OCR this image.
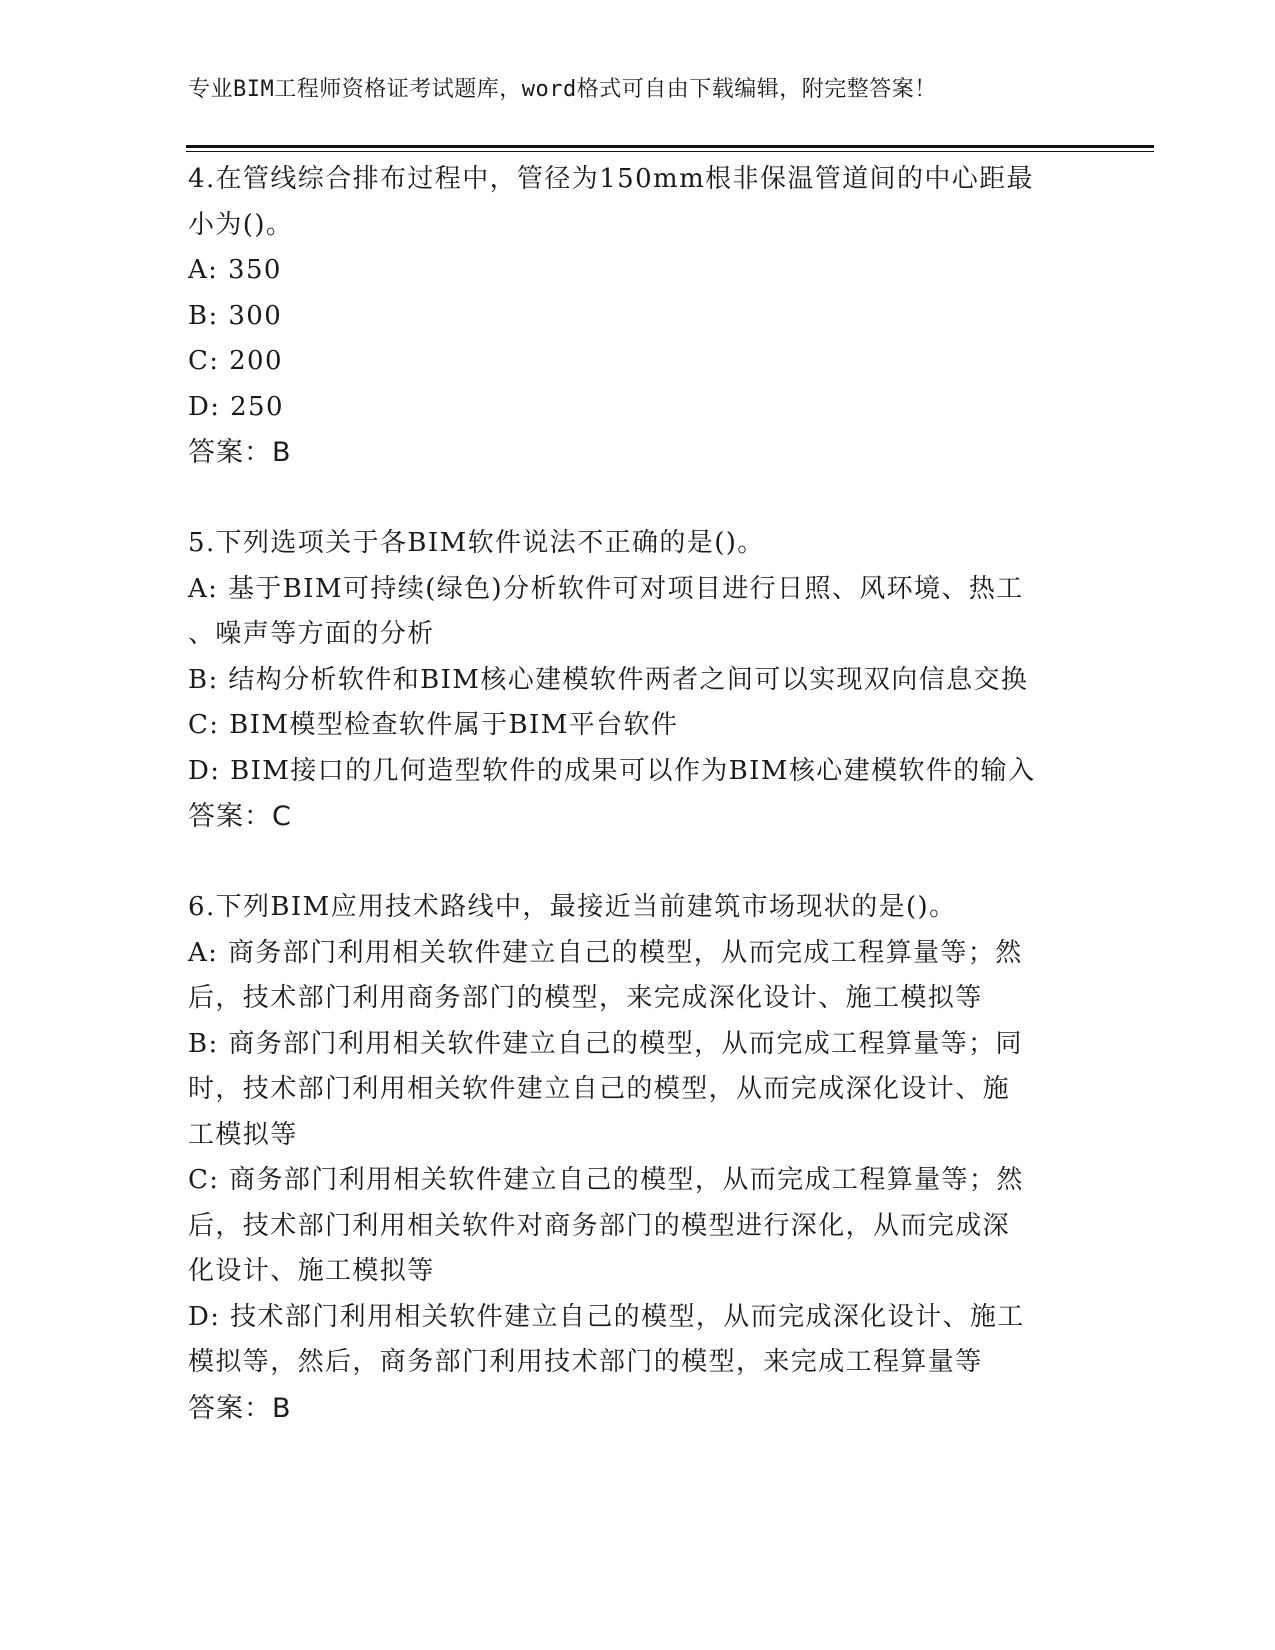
专业BIM工程师资格证考试题库，word格式可自由下载编辑，附完整答案！
4.在管线综合排布过程中，管径为150mm根非保温管道间的中心距最
小为()。
A: 350
B: 300
C: 200
D: 250
答案：B
5.下列选项关于各BIM软件说法不正确的是()。
A: 基于BIM可持续(绿色)分析软件可对项目进行日照、风环境、热工
、噪声等方面的分析
B: 结构分析软件和BIM核心建模软件两者之间可以实现双向信息交换
C: BIM模型检查软件属于BIM平台软件
D: BIM接口的几何造型软件的成果可以作为BIM核心建模软件的输入
答案：C
6.下列BIM应用技术路线中，最接近当前建筑市场现状的是()。
A: 商务部门利用相关软件建立自己的模型，从而完成工程算量等；然
后，技术部门利用商务部门的模型，来完成深化设计、施工模拟等
B: 商务部门利用相关软件建立自己的模型，从而完成工程算量等；同
时，技术部门利用相关软件建立自己的模型，从而完成深化设计、施
工模拟等
C: 商务部门利用相关软件建立自己的模型，从而完成工程算量等；然
后，技术部门利用相关软件对商务部门的模型进行深化，从而完成深
化设计、施工模拟等
D: 技术部门利用相关软件建立自己的模型，从而完成深化设计、施工
模拟等，然后，商务部门利用技术部门的模型，来完成工程算量等
答案：B
